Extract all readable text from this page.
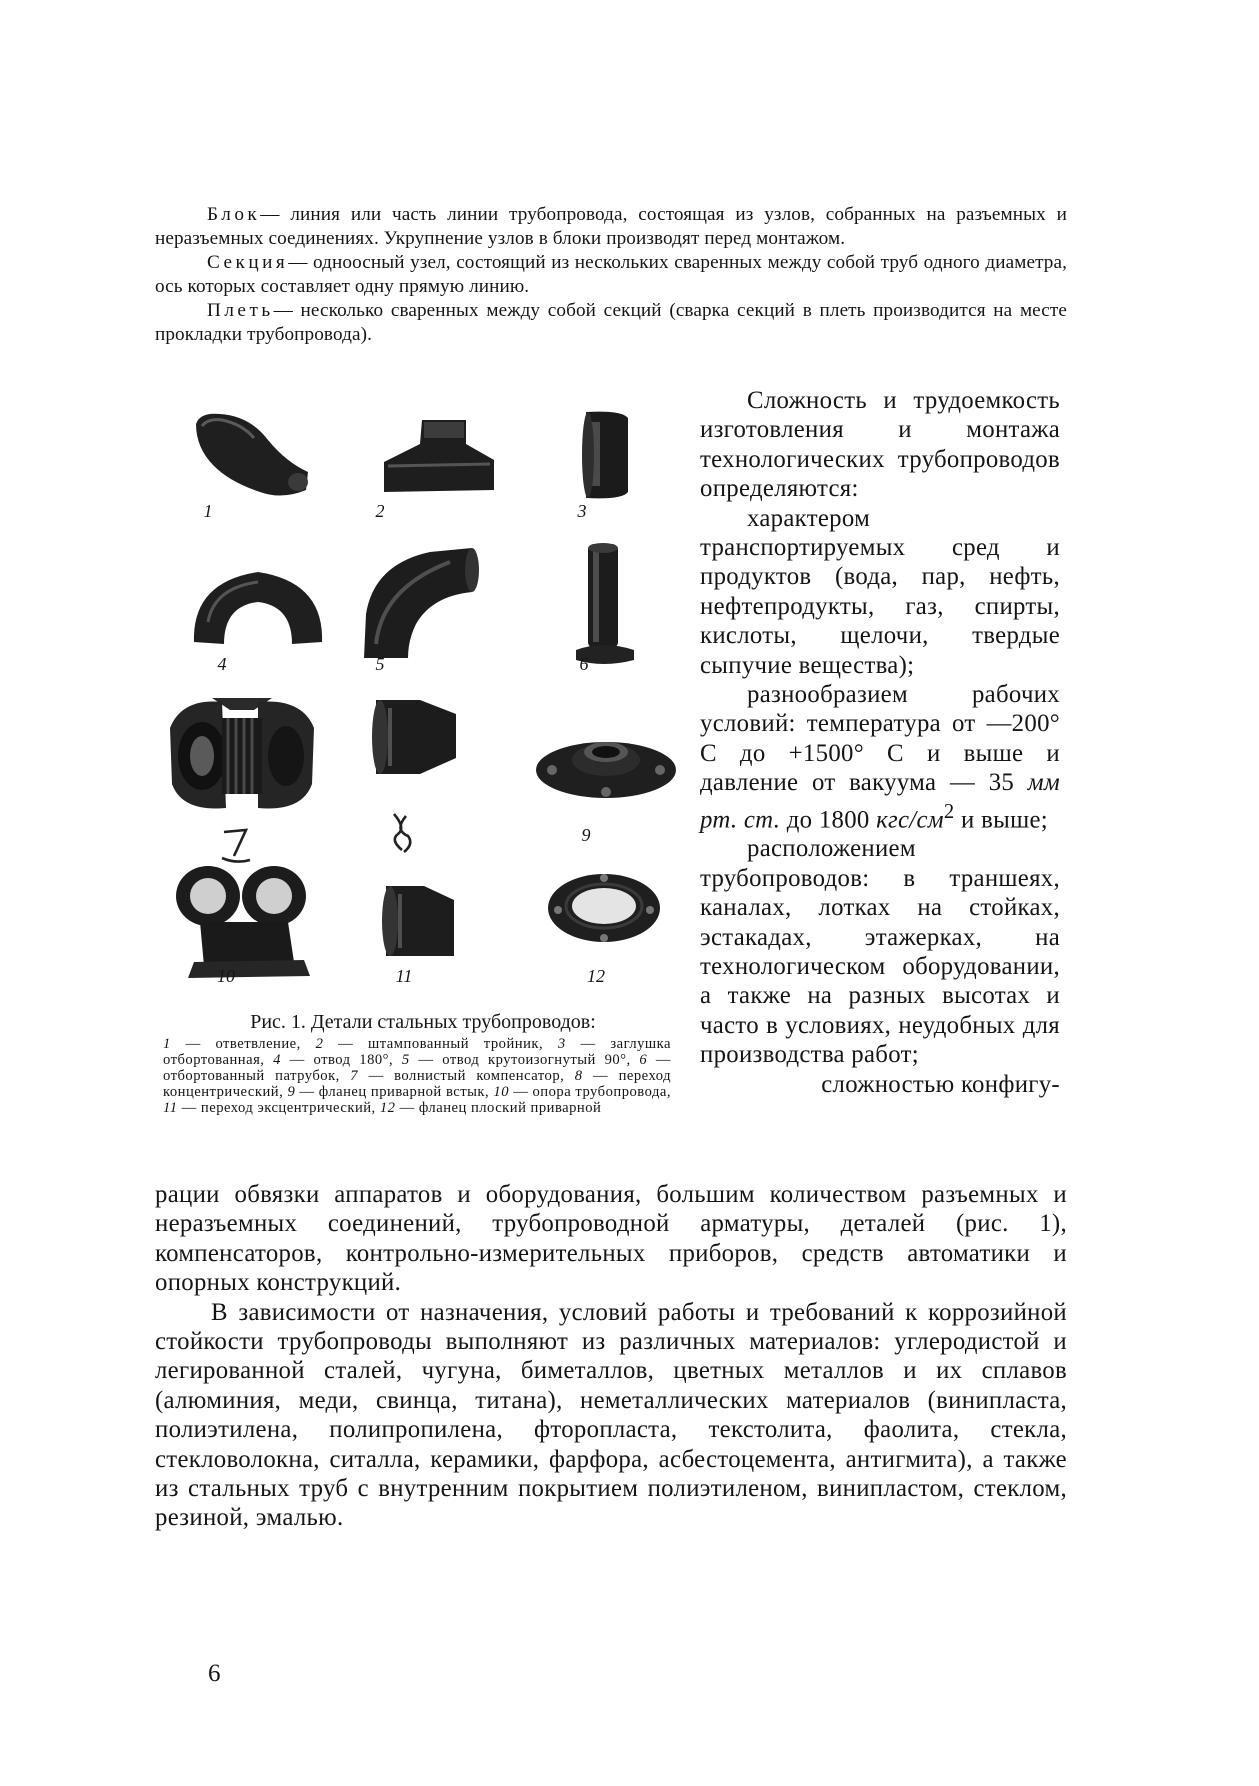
Блок— линия или часть линии трубопровода, состоящая из узлов, собранных на разъемных и неразъемных соединениях. Укрупнение узлов в блоки производят перед монтажом.

Секция— одноосный узел, состоящий из нескольких сваренных между собой труб одного диаметра, ось которых составляет одну прямую линию.

Плеть— несколько сваренных между собой секций (сварка секций в плеть производится на месте прокладки трубопровода).

1	2	3
4	5	6
9
10	11	12
Рис. 1. Детали стальных трубопроводов:
1 — ответвление, 2 — штампованный тройник, 3 — заглушка отбортованная, 4 — отвод 180°, 5 — отвод крутоизогнутый 90°, 6 — отбортованный патрубок, 7 — волнистый компенсатор, 8 — переход концентрический, 9 — фланец приварной встык, 10 — опора трубопровода, 11 — переход эксцентрический, 12 — фланец плоский приварной

Сложность и трудоемкость изготовления и монтажа технологических трубопроводов определяются:

характером транспортируемых сред и продуктов (вода, пар, нефть, нефтепродукты, газ, спирты, кислоты, щелочи, твердые сыпучие вещества);

разнообразием рабочих условий: температура от —200° С до +1500° С и выше и давление от вакуума — 35 мм рт. ст. до 1800 кгс/$см^2$ и выше;

расположением трубопроводов: в траншеях, каналах, лотках на стойках, эстакадах, этажерках, на технологическом оборудовании, а также на разных высотах и часто в условиях, неудобных для производства работ;

сложностью конфигу-

рации обвязки аппаратов и оборудования, большим количеством разъемных и неразъемных соединений, трубопроводной арматуры, деталей (рис. 1), компенсаторов, контрольно-измерительных приборов, средств автоматики и опорных конструкций.

В зависимости от назначения, условий работы и требований к коррозийной стойкости трубопроводы выполняют из различных материалов: углеродистой и легированной сталей, чугуна, биметаллов, цветных металлов и их сплавов (алюминия, меди, свинца, титана), неметаллических материалов (винипласта, полиэтилена, полипропилена, фторопласта, текстолита, фаолита, стекла, стекловолокна, ситалла, керамики, фарфора, асбестоцемента, антигмита), а также из стальных труб с внутренним покрытием полиэтиленом, винипластом, стеклом, резиной, эмалью.

6
